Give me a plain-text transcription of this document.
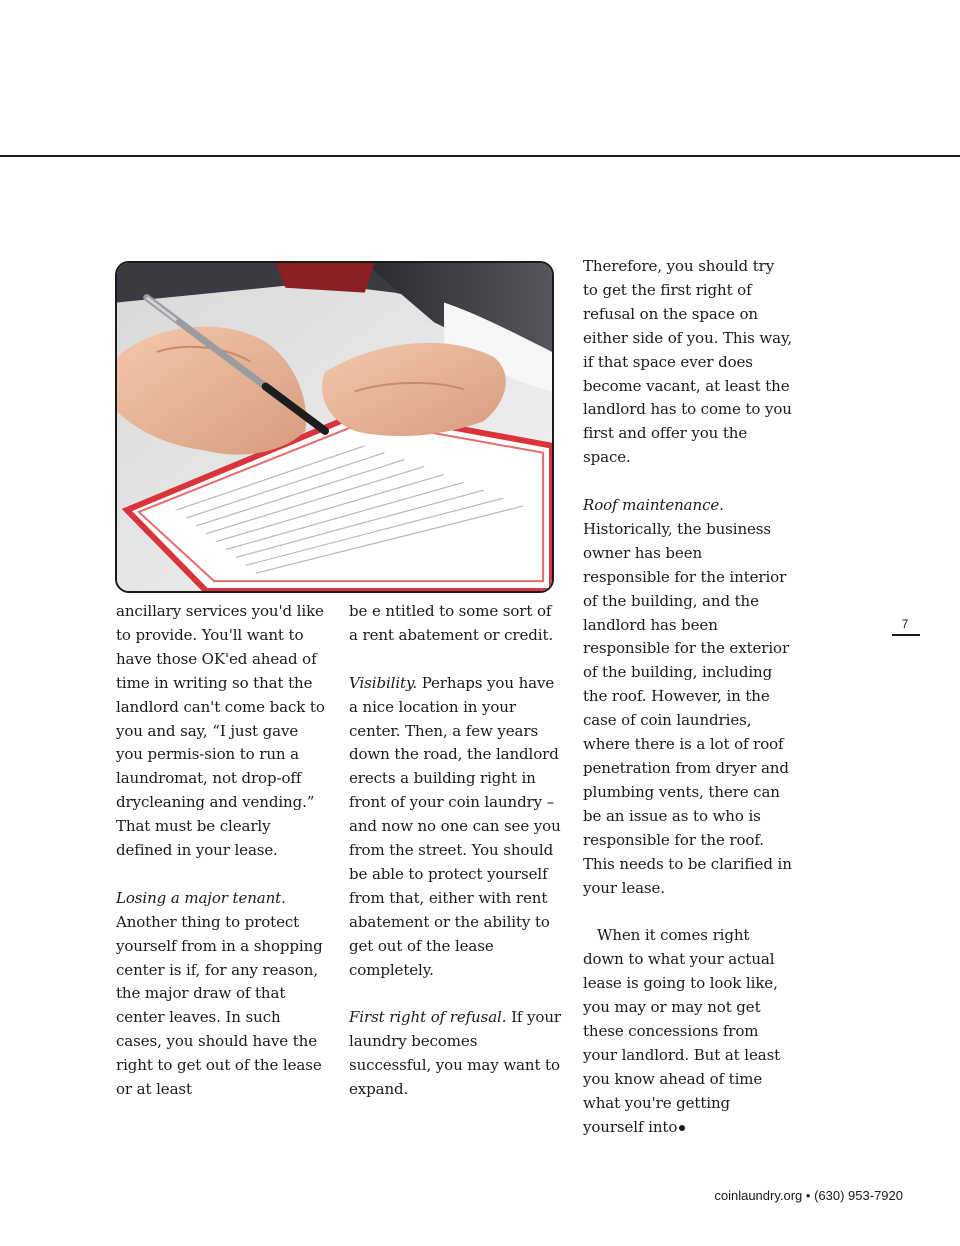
ancillary services you'd like to provide. You'll want to have those OK'ed ahead of time in writing so that the landlord can't come back to you and say, “I just gave you permis-sion to run a laundromat, not drop-off drycleaning and vending.” That must be clearly defined in your lease.

Losing a major tenant. Another thing to protect yourself from in a shopping center is if, for any reason, the major draw of that center leaves. In such cases, you should have the right to get out of the lease or at least

be e ntitled to some sort of a rent abatement or credit.

Visibility. Perhaps you have a nice location in your center. Then, a few years down the road, the landlord erects a building right in front of your coin laundry – and now no one can see you from the street. You should be able to protect yourself from that, either with rent abatement or the ability to get out of the lease completely.

First right of refusal. If your laundry becomes successful, you may want to expand.

Therefore, you should try to get the first right of refusal on the space on either side of you. This way, if that space ever does become vacant, at least the landlord has to come to you first and offer you the space.

Roof maintenance. Historically, the business owner has been responsible for the interior of the building, and the landlord has been responsible for the exterior of the building, including the roof. However, in the case of coin laundries, where there is a lot of roof penetration from dryer and plumbing vents, there can be an issue as to who is responsible for the roof. This needs to be clarified in your lease.

When it comes right down to what your actual lease is going to look like, you may or may not get these concessions from your landlord. But at least you know ahead of time what you're getting yourself into

7
coinlaundry.org • (630) 953-7920
